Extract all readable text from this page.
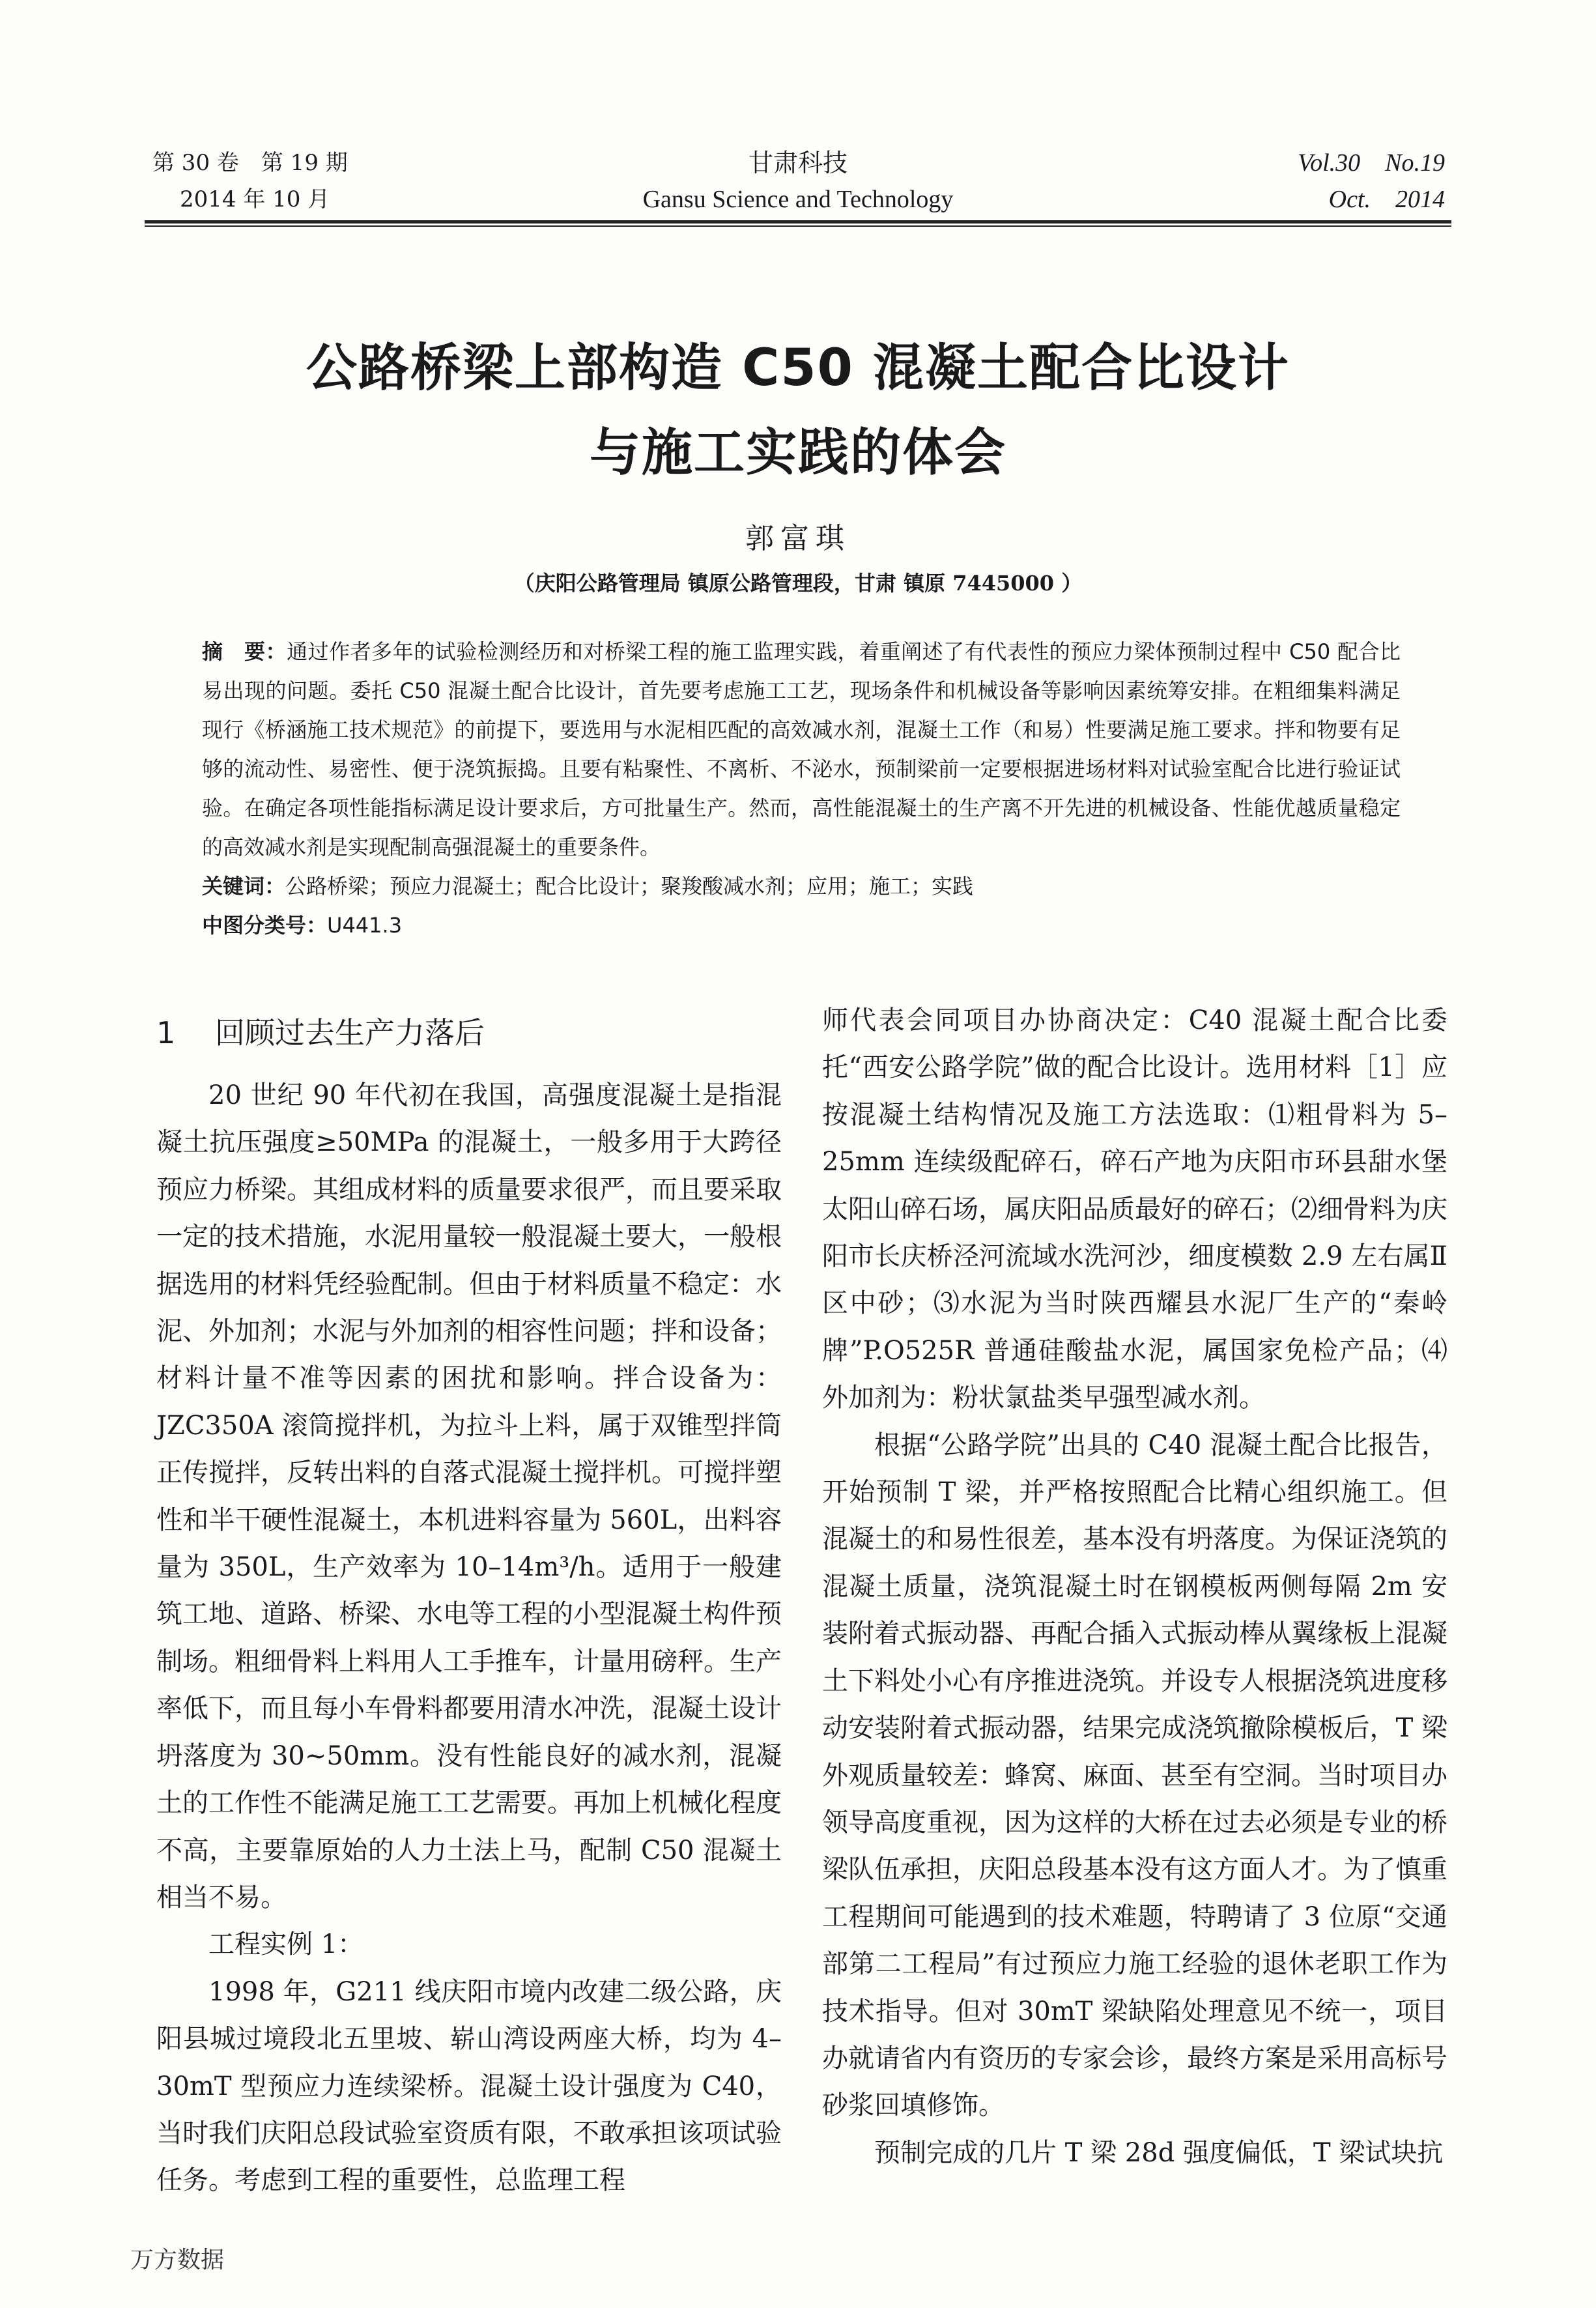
第 30 卷　第 19 期
2014 年 10 月
甘肃科技
Gansu Science and Technology
Vol.30　No.19
Oct.　2014
公路桥梁上部构造 C50 混凝土配合比设计
与施工实践的体会
郭富琪
（庆阳公路管理局 镇原公路管理段，甘肃 镇原 7445000 ）

摘　要：通过作者多年的试验检测经历和对桥梁工程的施工监理实践，着重阐述了有代表性的预应力梁体预制过程中 C50 配合比易出现的问题。委托 C50 混凝土配合比设计，首先要考虑施工工艺，现场条件和机械设备等影响因素统筹安排。在粗细集料满足现行《桥涵施工技术规范》的前提下，要选用与水泥相匹配的高效减水剂，混凝土工作（和易）性要满足施工要求。拌和物要有足够的流动性、易密性、便于浇筑振捣。且要有粘聚性、不离析、不泌水，预制梁前一定要根据进场材料对试验室配合比进行验证试验。在确定各项性能指标满足设计要求后，方可批量生产。然而，高性能混凝土的生产离不开先进的机械设备、性能优越质量稳定的高效减水剂是实现配制高强混凝土的重要条件。

关键词：公路桥梁；预应力混凝土；配合比设计；聚羧酸减水剂；应用；施工；实践

中图分类号：U441.3

1 回顾过去生产力落后

20 世纪 90 年代初在我国，高强度混凝土是指混凝土抗压强度≥50MPa 的混凝土，一般多用于大跨径预应力桥梁。其组成材料的质量要求很严，而且要采取一定的技术措施，水泥用量较一般混凝土要大，一般根据选用的材料凭经验配制。但由于材料质量不稳定：水泥、外加剂；水泥与外加剂的相容性问题；拌和设备；材料计量不准等因素的困扰和影响。拌合设备为：JZC350A 滚筒搅拌机，为拉斗上料，属于双锥型拌筒正传搅拌，反转出料的自落式混凝土搅拌机。可搅拌塑性和半干硬性混凝土，本机进料容量为 560L，出料容量为 350L，生产效率为 10–14m³/h。适用于一般建筑工地、道路、桥梁、水电等工程的小型混凝土构件预制场。粗细骨料上料用人工手推车，计量用磅秤。生产率低下，而且每小车骨料都要用清水冲洗，混凝土设计坍落度为 30~50mm。没有性能良好的减水剂，混凝土的工作性不能满足施工工艺需要。再加上机械化程度不高，主要靠原始的人力土法上马，配制 C50 混凝土相当不易。

工程实例 1：

1998 年，G211 线庆阳市境内改建二级公路，庆阳县城过境段北五里坡、崭山湾设两座大桥，均为 4–30mT 型预应力连续梁桥。混凝土设计强度为 C40，当时我们庆阳总段试验室资质有限，不敢承担该项试验任务。考虑到工程的重要性，总监理工程

师代表会同项目办协商决定：C40 混凝土配合比委托“西安公路学院”做的配合比设计。选用材料［1］应按混凝土结构情况及施工方法选取：⑴粗骨料为 5–25mm 连续级配碎石，碎石产地为庆阳市环县甜水堡太阳山碎石场，属庆阳品质最好的碎石；⑵细骨料为庆阳市长庆桥泾河流域水洗河沙，细度模数 2.9 左右属Ⅱ区中砂；⑶水泥为当时陕西耀县水泥厂生产的“秦岭牌”P.O525R 普通硅酸盐水泥，属国家免检产品；⑷外加剂为：粉状氯盐类早强型减水剂。

根据“公路学院”出具的 C40 混凝土配合比报告，开始预制 T 梁，并严格按照配合比精心组织施工。但混凝土的和易性很差，基本没有坍落度。为保证浇筑的混凝土质量，浇筑混凝土时在钢模板两侧每隔 2m 安装附着式振动器、再配合插入式振动棒从翼缘板上混凝土下料处小心有序推进浇筑。并设专人根据浇筑进度移动安装附着式振动器，结果完成浇筑撤除模板后，T 梁外观质量较差：蜂窝、麻面、甚至有空洞。当时项目办领导高度重视，因为这样的大桥在过去必须是专业的桥梁队伍承担，庆阳总段基本没有这方面人才。为了慎重工程期间可能遇到的技术难题，特聘请了 3 位原“交通部第二工程局”有过预应力施工经验的退休老职工作为技术指导。但对 30mT 梁缺陷处理意见不统一，项目办就请省内有资历的专家会诊，最终方案是采用高标号砂浆回填修饰。

预制完成的几片 T 梁 28d 强度偏低，T 梁试块抗

万方数据
